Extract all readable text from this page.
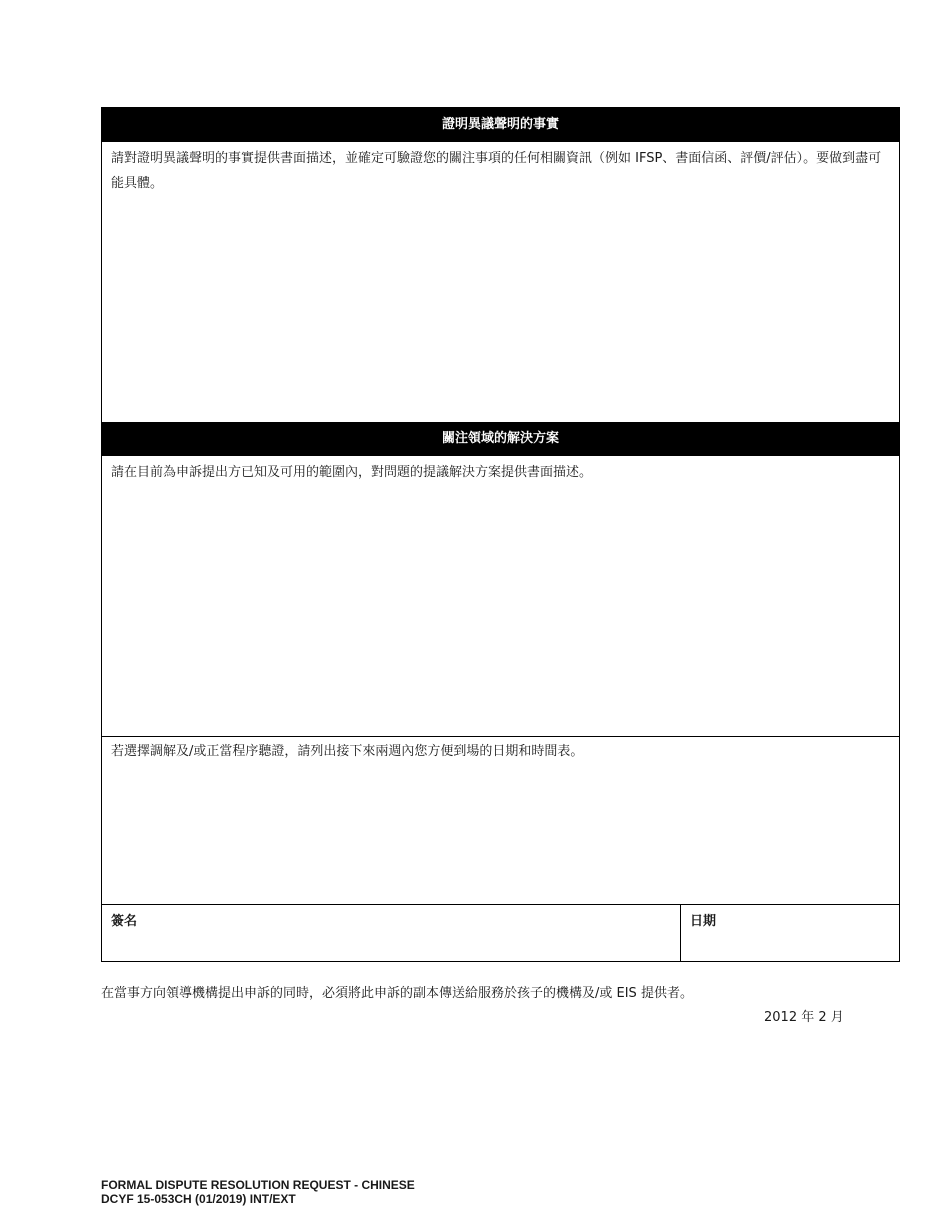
證明異議聲明的事實
請對證明異議聲明的事實提供書面描述，並確定可驗證您的關注事項的任何相關資訊（例如 IFSP、書面信函、評價/評估）。要做到盡可能具體。
關注領域的解決方案
請在目前為申訴提出方已知及可用的範圍內，對問題的提議解決方案提供書面描述。
若選擇調解及/或正當程序聽證，請列出接下來兩週內您方便到場的日期和時間表。
簽名	日期
在當事方向領導機構提出申訴的同時，必須將此申訴的副本傳送給服務於孩子的機構及/或 EIS 提供者。
2012 年 2 月
FORMAL DISPUTE RESOLUTION REQUEST - CHINESE
DCYF 15-053CH (01/2019) INT/EXT
